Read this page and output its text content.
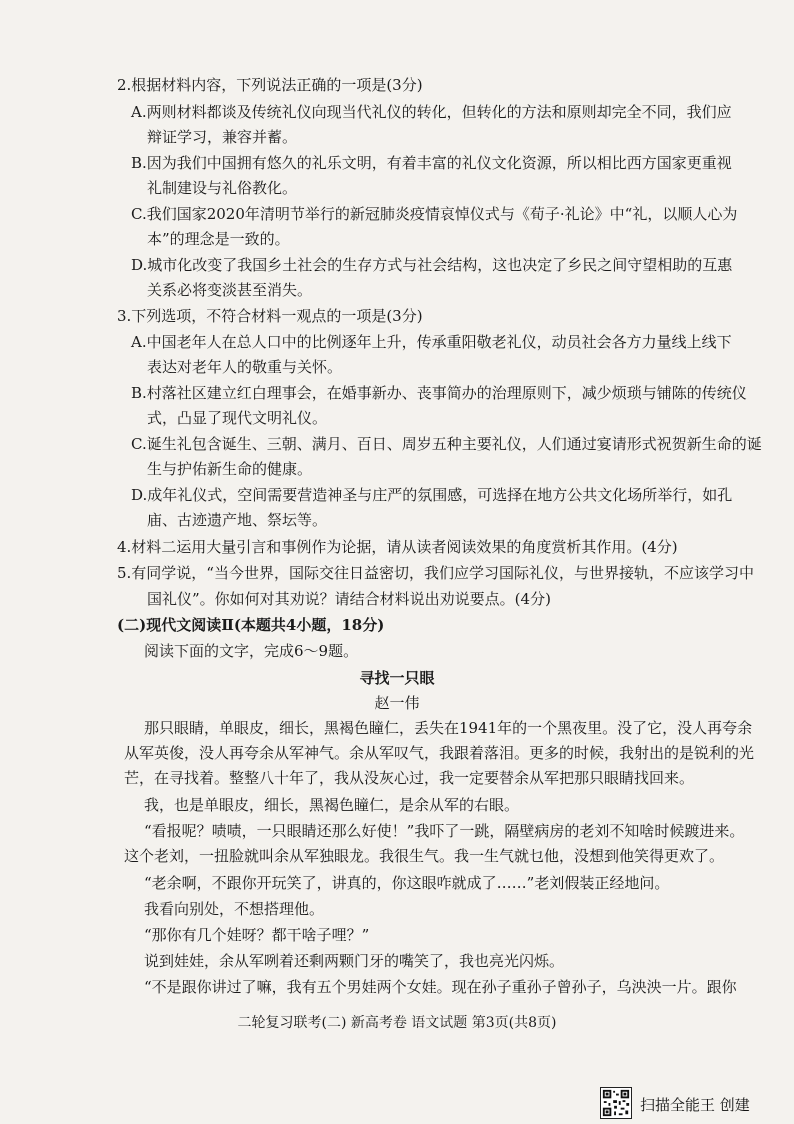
2.根据材料内容，下列说法正确的一项是(3分)
A.两则材料都谈及传统礼仪向现当代礼仪的转化，但转化的方法和原则却完全不同，我们应
辩证学习，兼容并蓄。
B.因为我们中国拥有悠久的礼乐文明，有着丰富的礼仪文化资源，所以相比西方国家更重视
礼制建设与礼俗教化。
C.我们国家2020年清明节举行的新冠肺炎疫情哀悼仪式与《荀子·礼论》中“礼，以顺人心为
本”的理念是一致的。
D.城市化改变了我国乡土社会的生存方式与社会结构，这也决定了乡民之间守望相助的互惠
关系必将变淡甚至消失。
3.下列选项，不符合材料一观点的一项是(3分)
A.中国老年人在总人口中的比例逐年上升，传承重阳敬老礼仪，动员社会各方力量线上线下
表达对老年人的敬重与关怀。
B.村落社区建立红白理事会，在婚事新办、丧事简办的治理原则下，减少烦琐与铺陈的传统仪
式，凸显了现代文明礼仪。
C.诞生礼包含诞生、三朝、满月、百日、周岁五种主要礼仪，人们通过宴请形式祝贺新生命的诞
生与护佑新生命的健康。
D.成年礼仪式，空间需要营造神圣与庄严的氛围感，可选择在地方公共文化场所举行，如孔
庙、古迹遗产地、祭坛等。
4.材料二运用大量引言和事例作为论据，请从读者阅读效果的角度赏析其作用。(4分)
5.有同学说，“当今世界，国际交往日益密切，我们应学习国际礼仪，与世界接轨，不应该学习中
国礼仪”。你如何对其劝说？请结合材料说出劝说要点。(4分)
(二)现代文阅读Ⅱ(本题共4小题，18分)
阅读下面的文字，完成6～9题。
寻找一只眼
赵一伟
那只眼睛，单眼皮，细长，黑褐色瞳仁，丢失在1941年的一个黑夜里。没了它，没人再夸余
从军英俊，没人再夸余从军神气。余从军叹气，我跟着落泪。更多的时候，我射出的是锐利的光
芒，在寻找着。整整八十年了，我从没灰心过，我一定要替余从军把那只眼睛找回来。
我，也是单眼皮，细长，黑褐色瞳仁，是余从军的右眼。
“看报呢？啧啧，一只眼睛还那么好使！”我吓了一跳，隔壁病房的老刘不知啥时候踱进来。
这个老刘，一扭脸就叫余从军独眼龙。我很生气。我一生气就乜他，没想到他笑得更欢了。
“老余啊，不跟你开玩笑了，讲真的，你这眼咋就成了……”老刘假装正经地问。
我看向别处，不想搭理他。
“那你有几个娃呀？都干啥子哩？”
说到娃娃，余从军咧着还剩两颗门牙的嘴笑了，我也亮光闪烁。
“不是跟你讲过了嘛，我有五个男娃两个女娃。现在孙子重孙子曾孙子，乌泱泱一片。跟你
二轮复习联考(二) 新高考卷 语文试题 第3页(共8页)
扫描全能王 创建
